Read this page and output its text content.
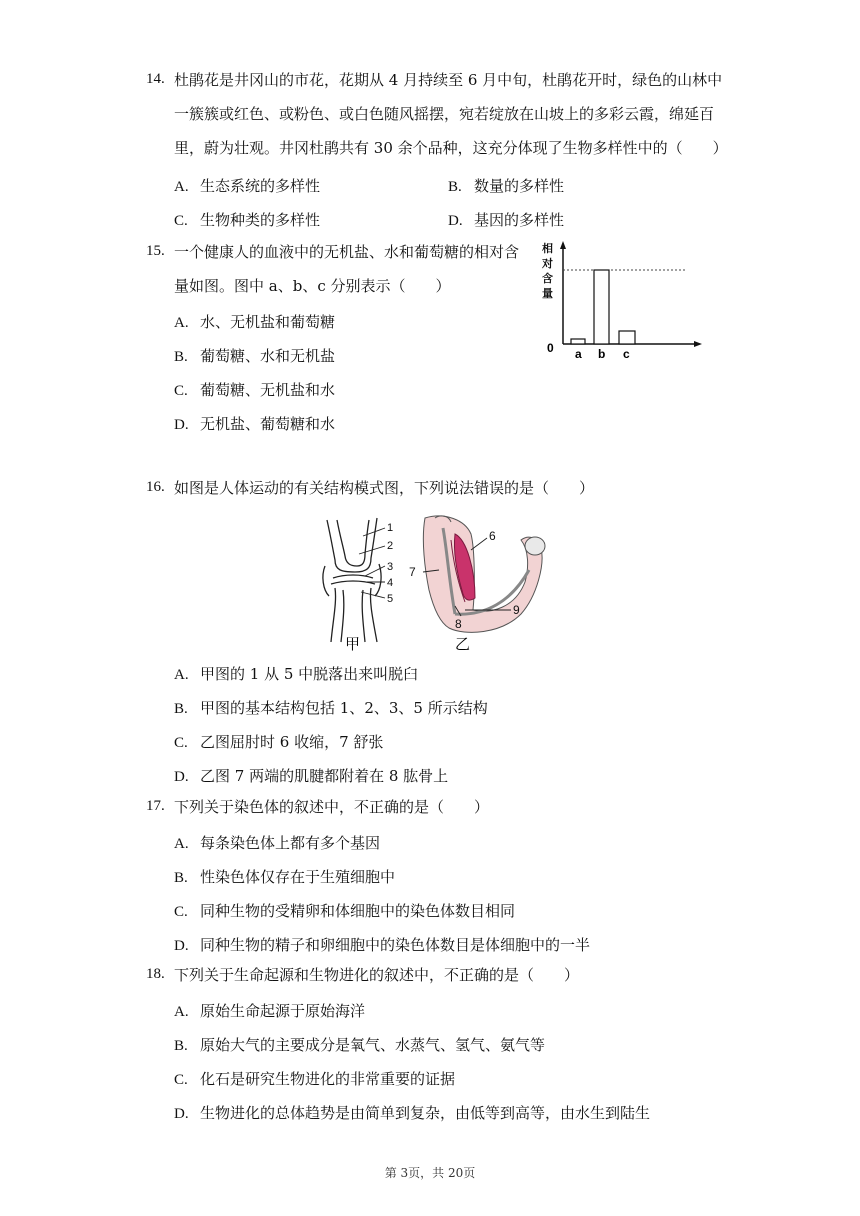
14. 杜鹃花是井冈山的市花，花期从 4 月持续至 6 月中旬，杜鹃花开时，绿色的山林中
一簇簇或红色、或粉色、或白色随风摇摆，宛若绽放在山坡上的多彩云霞，绵延百
里，蔚为壮观。井冈杜鹃共有 30 余个品种，这充分体现了生物多样性中的（　　）
A. 生态系统的多样性	B. 数量的多样性
C. 生物种类的多样性	D. 基因的多样性
15. 一个健康人的血液中的无机盐、水和葡萄糖的相对含
量如图。图中 a、b、c 分别表示（　　）
A. 水、无机盐和葡萄糖
B. 葡萄糖、水和无机盐
C. 葡萄糖、无机盐和水
D. 无机盐、葡萄糖和水
相
对
含
量
0 a b c
16. 如图是人体运动的有关结构模式图，下列说法错误的是（　　）
1
2
3
4
5
6
7
8
9
甲	乙
A. 甲图的 1 从 5 中脱落出来叫脱臼
B. 甲图的基本结构包括 1、2、3、5 所示结构
C. 乙图屈肘时 6 收缩，7 舒张
D. 乙图 7 两端的肌腱都附着在 8 肱骨上
17. 下列关于染色体的叙述中，不正确的是（　　）
A. 每条染色体上都有多个基因
B. 性染色体仅存在于生殖细胞中
C. 同种生物的受精卵和体细胞中的染色体数目相同
D. 同种生物的精子和卵细胞中的染色体数目是体细胞中的一半
18. 下列关于生命起源和生物进化的叙述中，不正确的是（　　）
A. 原始生命起源于原始海洋
B. 原始大气的主要成分是氧气、水蒸气、氢气、氨气等
C. 化石是研究生物进化的非常重要的证据
D. 生物进化的总体趋势是由简单到复杂，由低等到高等，由水生到陆生
第 3页，共 20页
